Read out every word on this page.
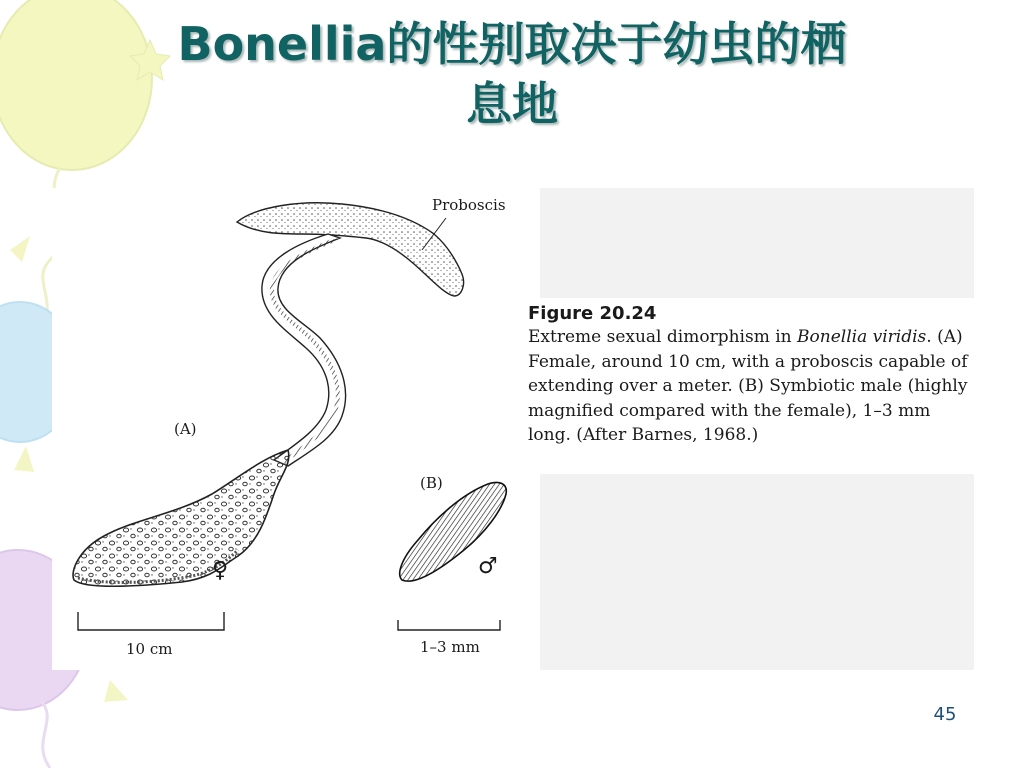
Bonellia的性别取决于幼虫的栖
息地
Proboscis
(A)
(B)
♀	♂
10 cm	1–3 mm
Figure 20.24
Extreme sexual dimorphism in Bonellia viridis. (A) Female, around 10 cm, with a proboscis capable of extending over a meter. (B) Symbiotic male (highly magnified compared with the female), 1–3 mm long. (After Barnes, 1968.)
45
